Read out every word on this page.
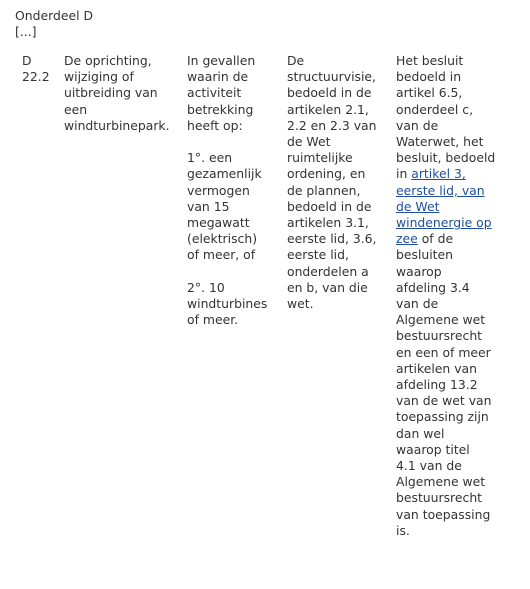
Onderdeel D
[...]
D
22.2
De oprichting,
wijziging of
uitbreiding van
een
windturbinepark.
In gevallen
waarin de
activiteit
betrekking
heeft op:
1°. een
gezamenlijk
vermogen
van 15
megawatt
(elektrisch)
of meer, of
2°. 10
windturbines
of meer.
De
structuurvisie,
bedoeld in de
artikelen 2.1,
2.2 en 2.3 van
de Wet
ruimtelijke
ordening, en
de plannen,
bedoeld in de
artikelen 3.1,
eerste lid, 3.6,
eerste lid,
onderdelen a
en b, van die
wet.
Het besluit
bedoeld in
artikel 6.5,
onderdeel c,
van de
Waterwet, het
besluit, bedoeld
in artikel 3,
eerste lid, van
de Wet
windenergie op
zee of de
besluiten
waarop
afdeling 3.4
van de
Algemene wet
bestuursrecht
en een of meer
artikelen van
afdeling 13.2
van de wet van
toepassing zijn
dan wel
waarop titel
4.1 van de
Algemene wet
bestuursrecht
van toepassing
is.
